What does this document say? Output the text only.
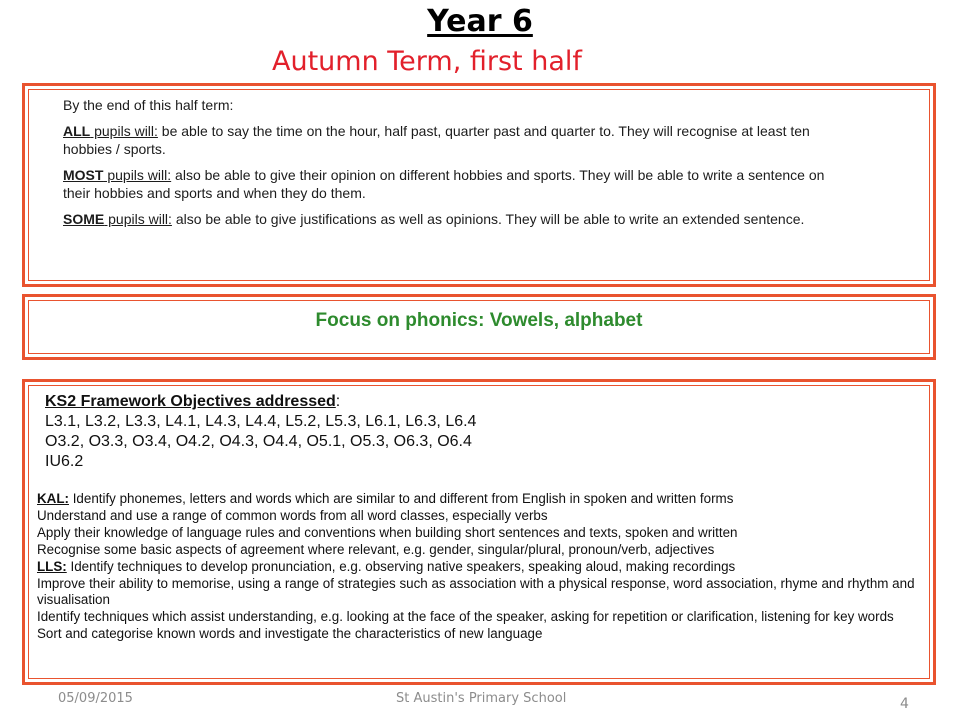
Year 6
Autumn Term, first half

By the end of this half term:

ALL pupils will: be able to say the time on the hour, half past, quarter past and quarter to. They will recognise at least ten hobbies / sports.

MOST pupils will: also be able to give their opinion on different hobbies and sports. They will be able to write a sentence on their hobbies and sports and when they do them.

SOME pupils will: also be able to give justifications as well as opinions. They will be able to write an extended sentence.

Focus on phonics: Vowels, alphabet
KS2 Framework Objectives addressed:
L3.1, L3.2, L3.3, L4.1, L4.3, L4.4, L5.2, L5.3, L6.1, L6.3, L6.4
O3.2, O3.3, O3.4, O4.2, O4.3, O4.4, O5.1, O5.3, O6.3, O6.4
IU6.2
KAL: Identify phonemes, letters and words which are similar to and different from English in spoken and written forms
Understand and use a range of common words from all word classes, especially verbs
Apply their knowledge of language rules and conventions when building short sentences and texts, spoken and written
Recognise some basic aspects of agreement where relevant, e.g. gender, singular/plural, pronoun/verb, adjectives
LLS: Identify techniques to develop pronunciation, e.g. observing native speakers, speaking aloud, making recordings
Improve their ability to memorise, using a range of strategies such as association with a physical response, word association, rhyme and rhythm and visualisation
Identify techniques which assist understanding, e.g. looking at the face of the speaker, asking for repetition or clarification, listening for key words
Sort and categorise known words and investigate the characteristics of new language
05/09/2015	St Austin's Primary School	4
